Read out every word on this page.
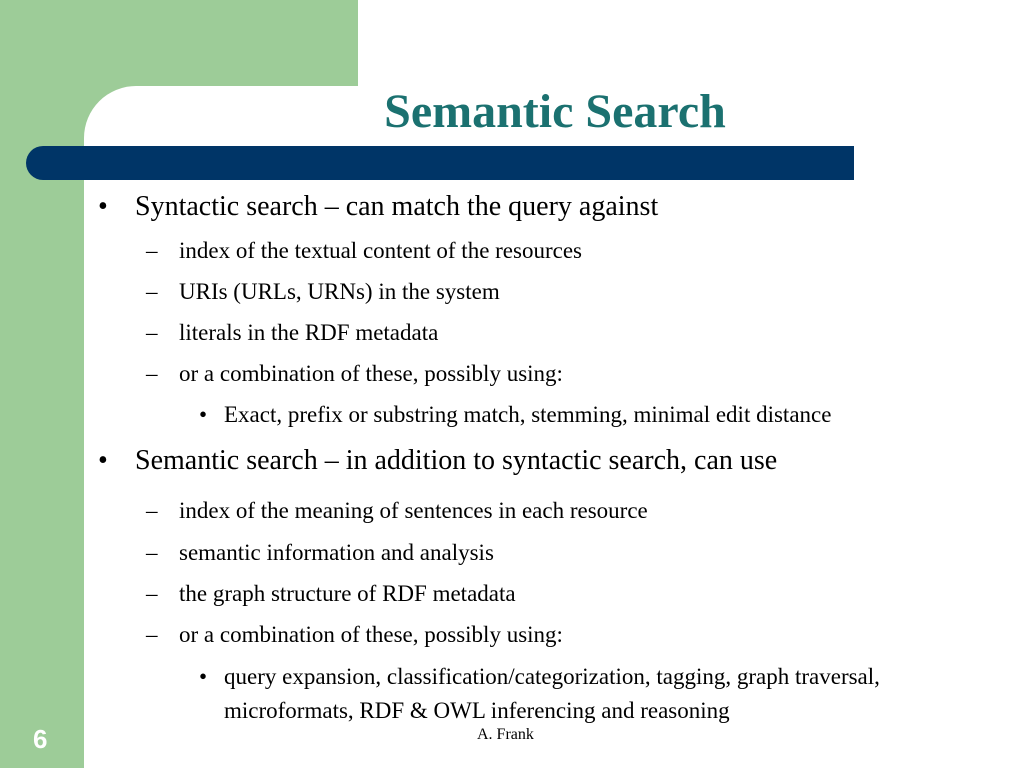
Semantic Search

• Syntactic search – can match the query against

– index of the textual content of the resources

– URIs (URLs, URNs) in the system

– literals in the RDF metadata

– or a combination of these, possibly using:

• Exact, prefix or substring match, stemming, minimal edit distance

• Semantic search – in addition to syntactic search, can use

– index of the meaning of sentences in each resource

– semantic information and analysis

– the graph structure of RDF metadata

– or a combination of these, possibly using:

• query expansion, classification/categorization, tagging, graph traversal, microformats, RDF & OWL inferencing and reasoning

6	A. Frank
